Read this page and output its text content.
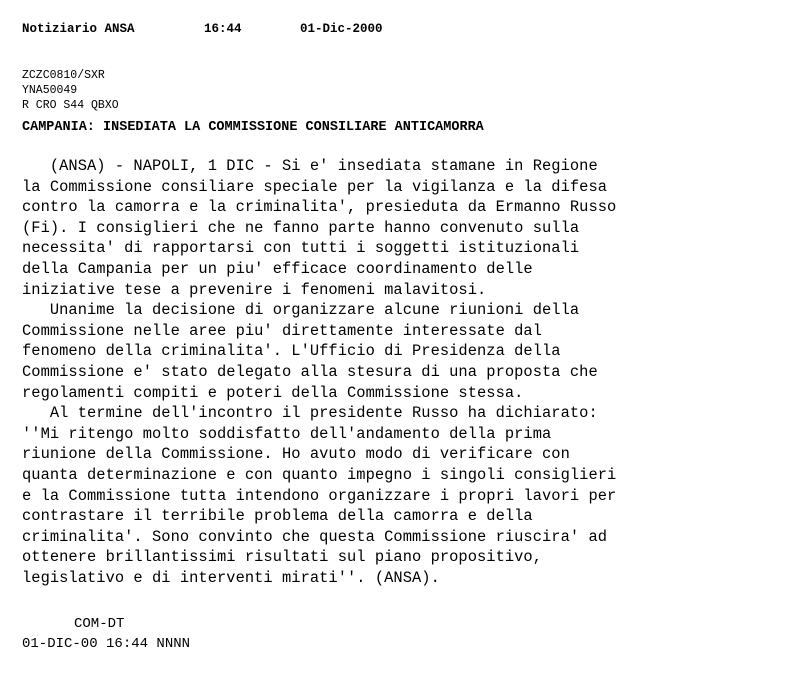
Notiziario ANSA	16:44	01-Dic-2000
ZCZC0810/SXR
YNA50049
R CRO S44 QBXO
CAMPANIA: INSEDIATA LA COMMISSIONE CONSILIARE ANTICAMORRA
(ANSA) - NAPOLI, 1 DIC - Si e' insediata stamane in Regione
la Commissione consiliare speciale per la vigilanza e la difesa
contro la camorra e la criminalita', presieduta da Ermanno Russo
(Fi). I consiglieri che ne fanno parte hanno convenuto sulla
necessita' di rapportarsi con tutti i soggetti istituzionali
della Campania per un piu' efficace coordinamento delle
iniziative tese a prevenire i fenomeni malavitosi.
Unanime la decisione di organizzare alcune riunioni della
Commissione nelle aree piu' direttamente interessate dal
fenomeno della criminalita'. L'Ufficio di Presidenza della
Commissione e' stato delegato alla stesura di una proposta che
regolamenti compiti e poteri della Commissione stessa.
Al termine dell'incontro il presidente Russo ha dichiarato:
''Mi ritengo molto soddisfatto dell'andamento della prima
riunione della Commissione. Ho avuto modo di verificare con
quanta determinazione e con quanto impegno i singoli consiglieri
e la Commissione tutta intendono organizzare i propri lavori per
contrastare il terribile problema della camorra e della
criminalita'. Sono convinto che questa Commissione riuscira' ad
ottenere brillantissimi risultati sul piano propositivo,
legislativo e di interventi mirati''. (ANSA).
COM-DT
01-DIC-00 16:44 NNNN
